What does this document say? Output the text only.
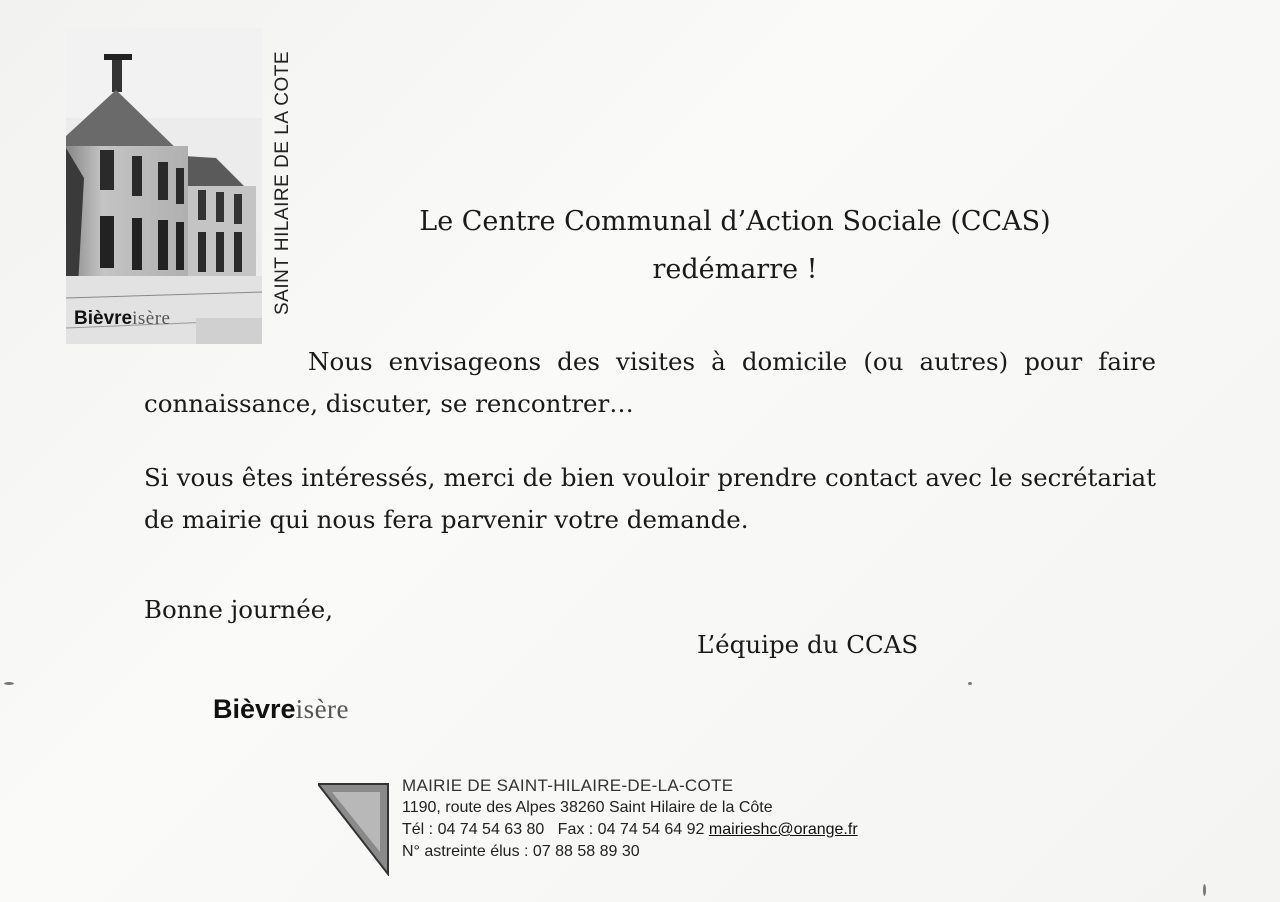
Bièvreisère
SAINT HILAIRE DE LA COTE	Le Centre Communal d’Action Sociale (CCAS)
redémarre !
Nous envisageons des visites à domicile (ou autres) pour faire connaissance, discuter, se rencontrer…
Si vous êtes intéressés, merci de bien vouloir prendre contact avec le secrétariat de mairie qui nous fera parvenir votre demande.
Bonne journée,
L’équipe du CCAS
Bièvreisère
MAIRIE DE SAINT-HILAIRE-DE-LA-COTE
1190, route des Alpes 38260 Saint Hilaire de la Côte
Tél : 04 74 54 63 80 Fax : 04 74 54 64 92 mairieshc@orange.fr
N° astreinte élus : 07 88 58 89 30
